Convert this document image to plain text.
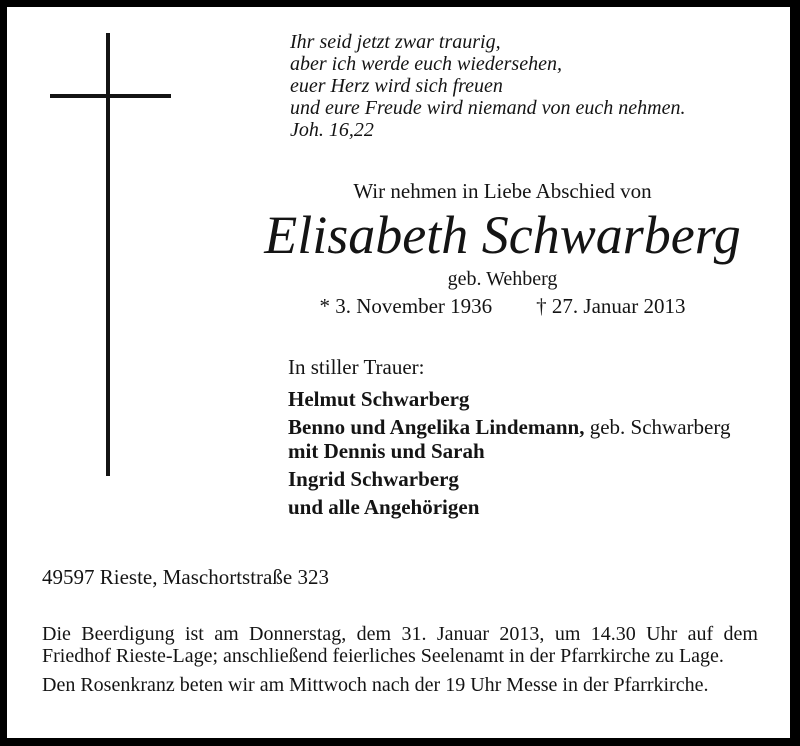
Ihr seid jetzt zwar traurig,
aber ich werde euch wiedersehen,
euer Herz wird sich freuen
und eure Freude wird niemand von euch nehmen.
Joh. 16,22
Wir nehmen in Liebe Abschied von
Elisabeth Schwarberg
geb. Wehberg
* 3. November 1936 † 27. Januar 2013
In stiller Trauer:
Helmut Schwarberg
Benno und Angelika Lindemann, geb. Schwarberg
mit Dennis und Sarah
Ingrid Schwarberg
und alle Angehörigen
49597 Rieste, Maschortstraße 323
Die Beerdigung ist am Donnerstag, dem 31. Januar 2013, um 14.30 Uhr auf dem
Friedhof Rieste-Lage; anschließend feierliches Seelenamt in der Pfarrkirche zu Lage.
Den Rosenkranz beten wir am Mittwoch nach der 19 Uhr Messe in der Pfarrkirche.
